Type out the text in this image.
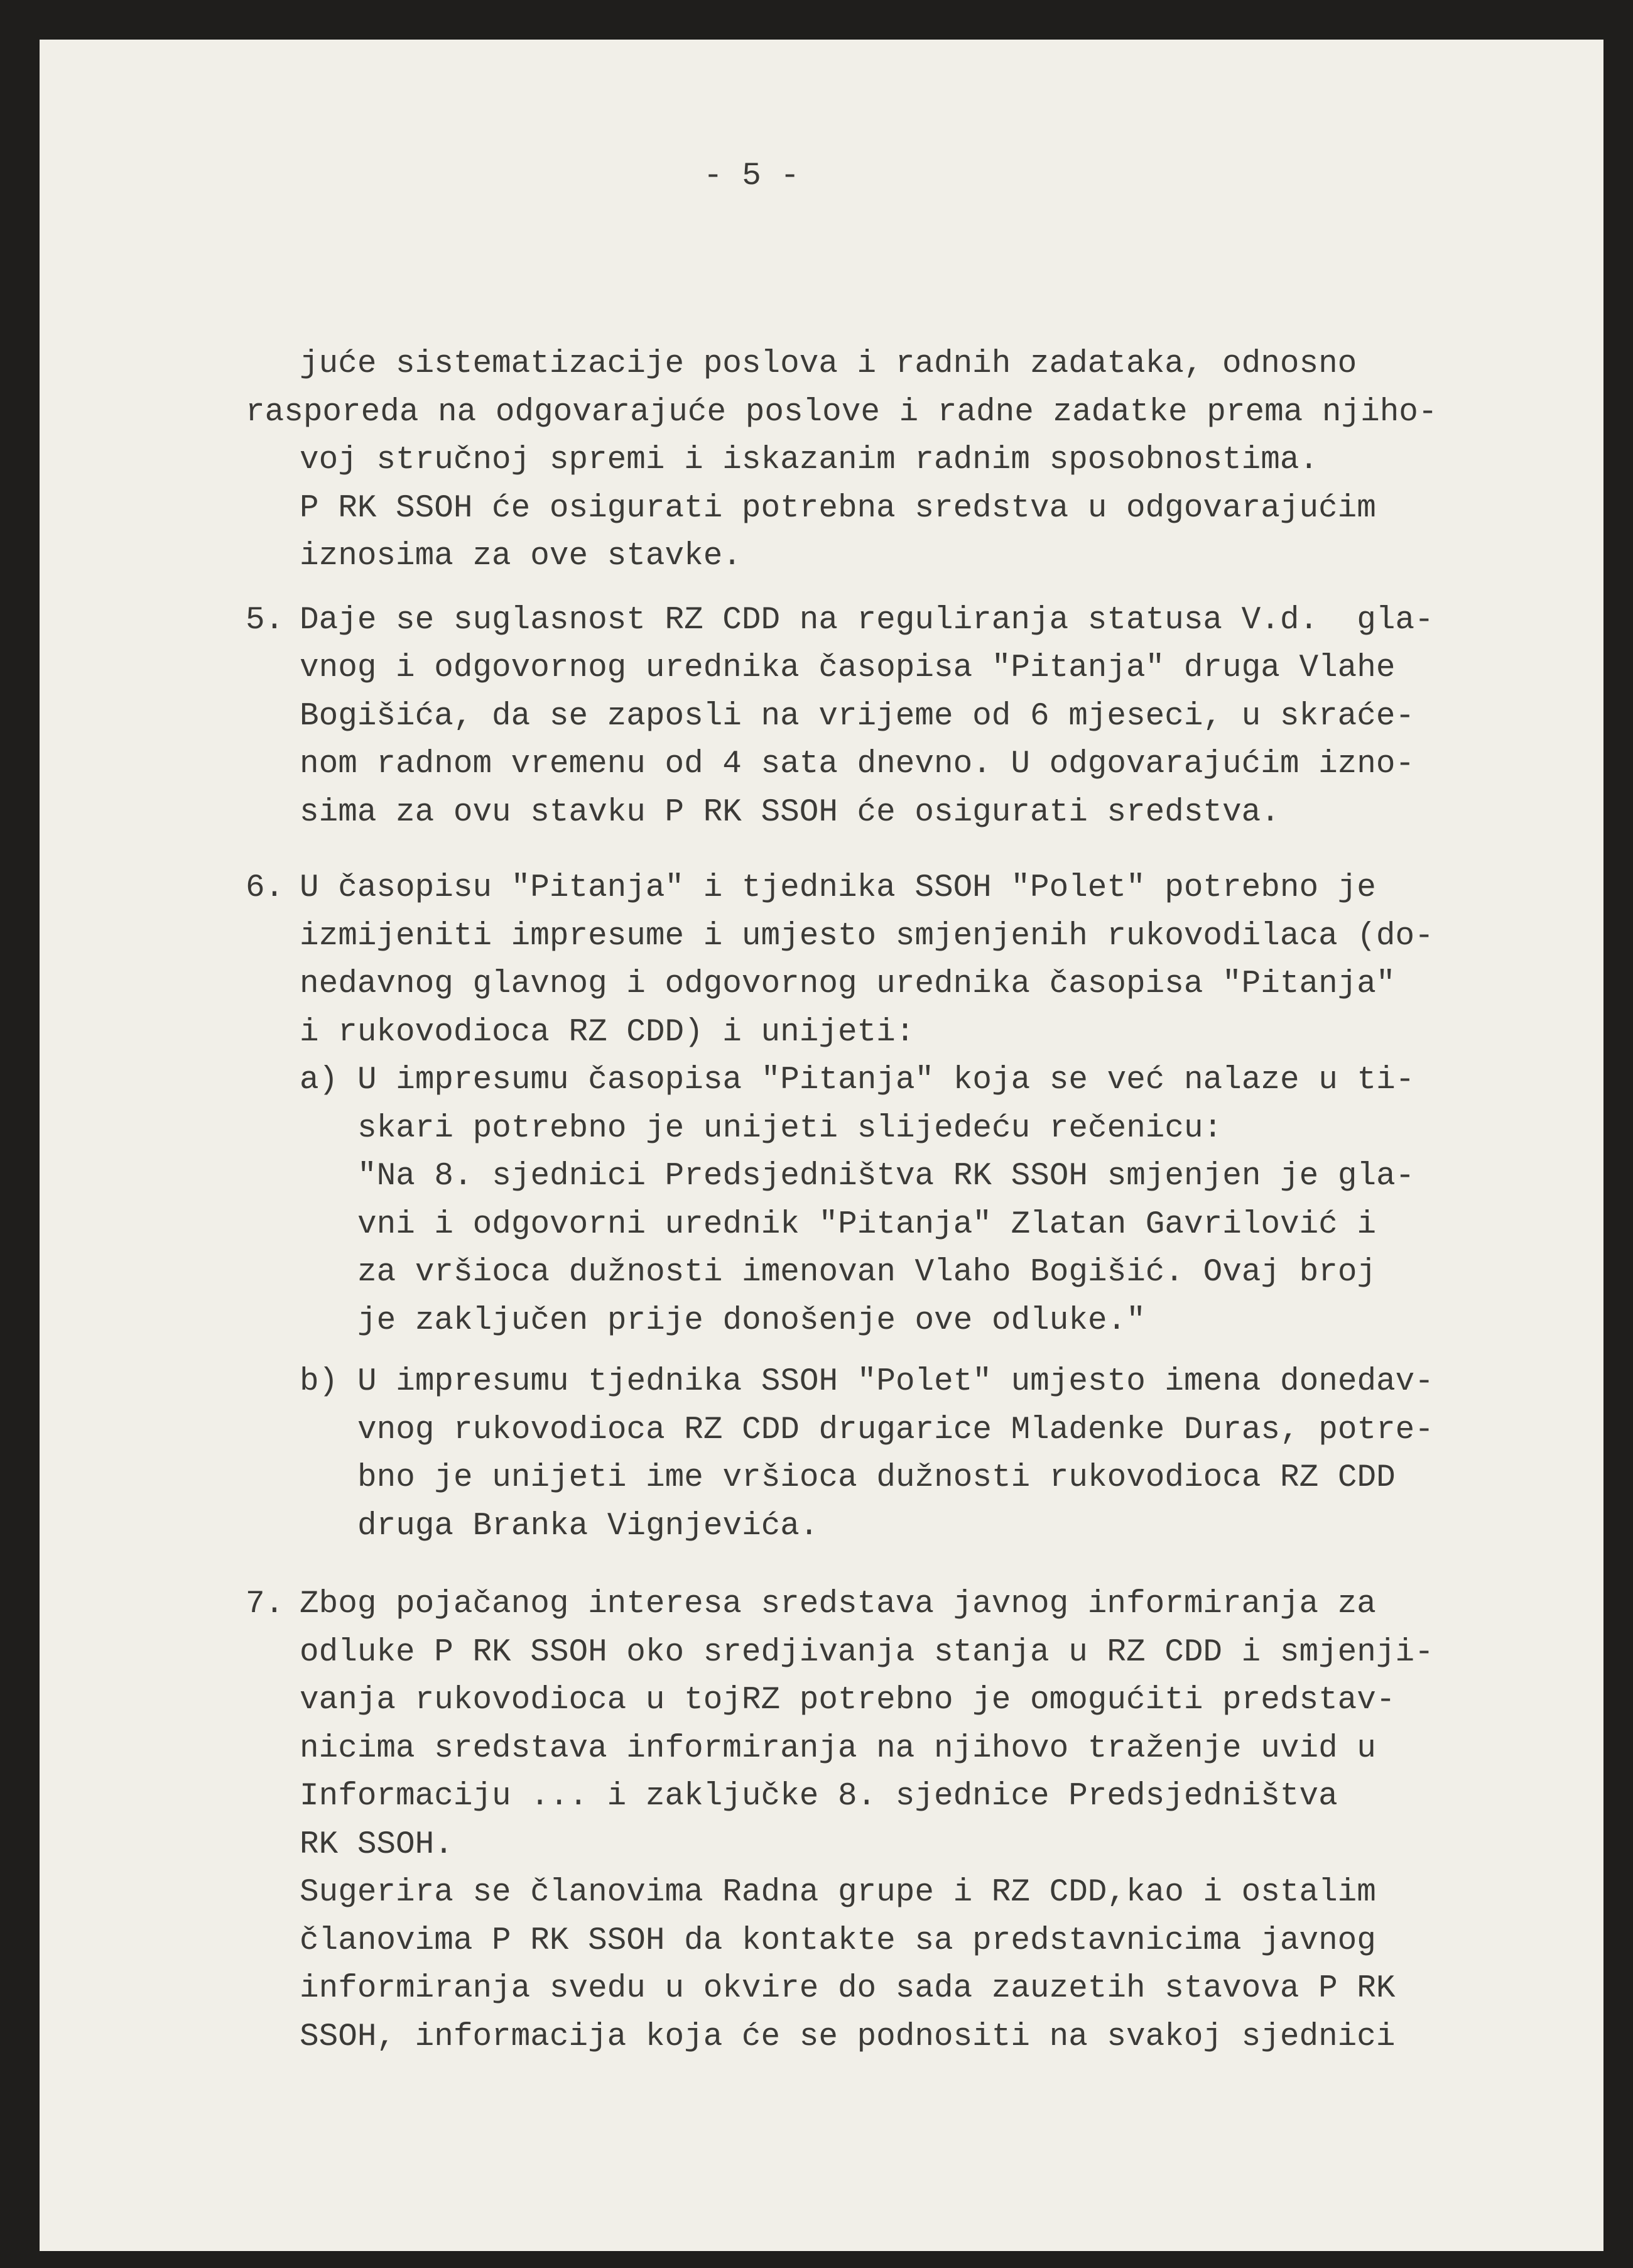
- 5 -
juće sistematizacije poslova i radnih zadataka, odnosno
rasporeda na odgovarajuće poslove i radne zadatke prema njiho-
voj stručnoj spremi i iskazanim radnim sposobnostima.
P RK SSOH će osigurati potrebna sredstva u odgovarajućim
iznosima za ove stavke.
5. Daje se suglasnost RZ CDD na reguliranja statusa V.d.  gla-
vnog i odgovornog urednika časopisa "Pitanja" druga Vlahe
Bogišića, da se zaposli na vrijeme od 6 mjeseci, u skraće-
nom radnom vremenu od 4 sata dnevno. U odgovarajućim izno-
sima za ovu stavku P RK SSOH će osigurati sredstva.
6. U časopisu "Pitanja" i tjednika SSOH "Polet" potrebno je
izmijeniti impresume i umjesto smjenjenih rukovodilaca (do-
nedavnog glavnog i odgovornog urednika časopisa "Pitanja"
i rukovodioca RZ CDD) i unijeti:
a) U impresumu časopisa "Pitanja" koja se već nalaze u ti-
skari potrebno je unijeti slijedeću rečenicu:
"Na 8. sjednici Predsjedništva RK SSOH smjenjen je gla-
vni i odgovorni urednik "Pitanja" Zlatan Gavrilović i
za vršioca dužnosti imenovan Vlaho Bogišić. Ovaj broj
je zaključen prije donošenje ove odluke."
b) U impresumu tjednika SSOH "Polet" umjesto imena donedav-
vnog rukovodioca RZ CDD drugarice Mladenke Duras, potre-
bno je unijeti ime vršioca dužnosti rukovodioca RZ CDD
druga Branka Vignjevića.
7. Zbog pojačanog interesa sredstava javnog informiranja za
odluke P RK SSOH oko sredjivanja stanja u RZ CDD i smjenji-
vanja rukovodioca u tojRZ potrebno je omogućiti predstav-
nicima sredstava informiranja na njihovo traženje uvid u
Informaciju ... i zaključke 8. sjednice Predsjedništva
RK SSOH.
Sugerira se članovima Radna grupe i RZ CDD,kao i ostalim
članovima P RK SSOH da kontakte sa predstavnicima javnog
informiranja svedu u okvire do sada zauzetih stavova P RK
SSOH, informacija koja će se podnositi na svakoj sjednici
